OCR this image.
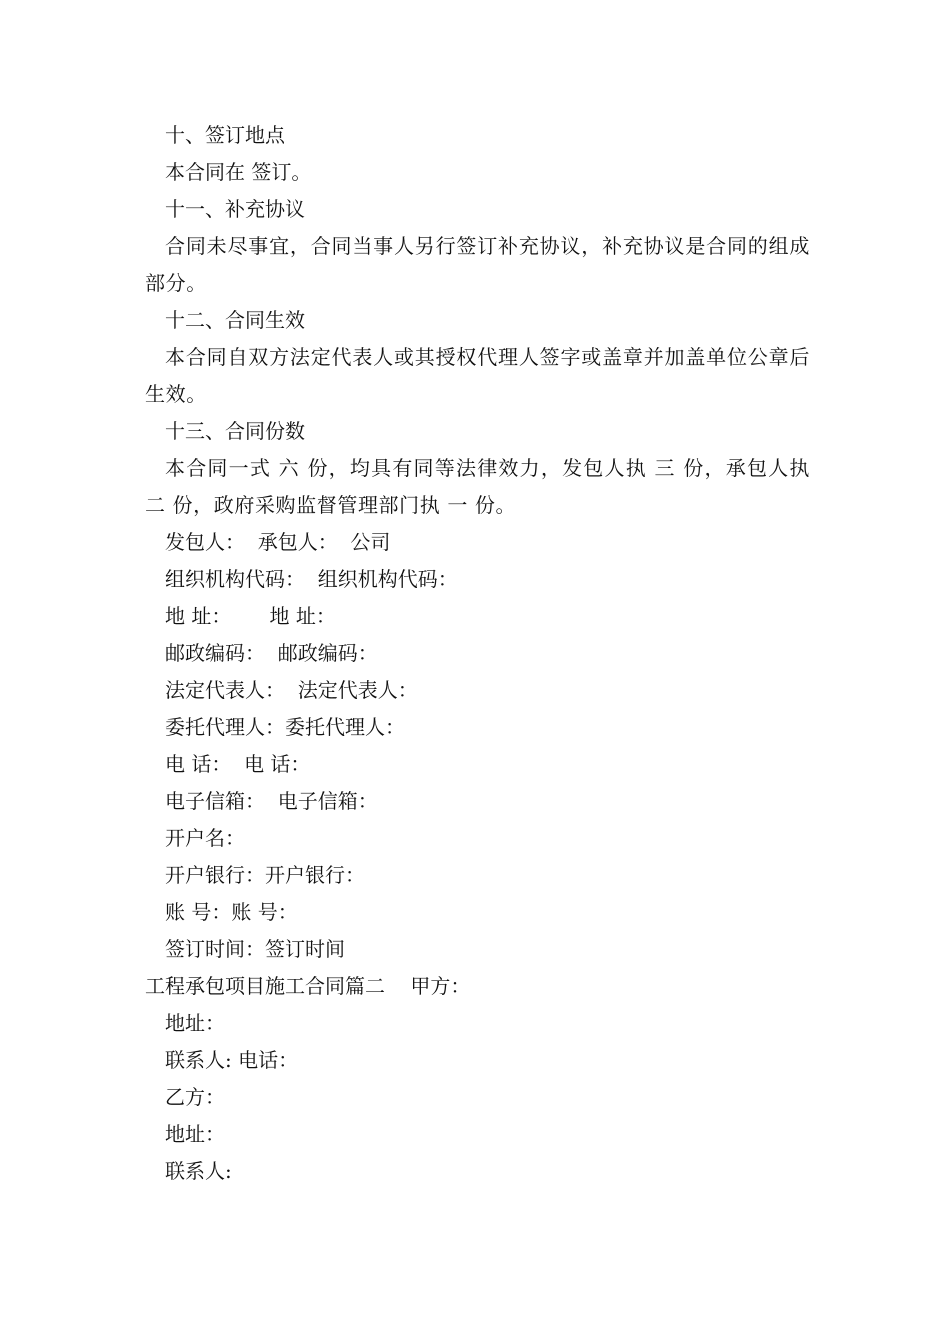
十、签订地点
本合同在 签订。
十一、补充协议

合同未尽事宜，合同当事人另行签订补充协议，补充协议是合同的组成部分。

十二、合同生效

本合同自双方法定代表人或其授权代理人签字或盖章并加盖单位公章后生效。

十三、合同份数

本合同一式 六 份，均具有同等法律效力，发包人执 三 份，承包人执 二 份，政府采购监督管理部门执 一 份。

发包人：  承包人：  公司
组织机构代码：  组织机构代码：
地 址：      地 址：
邮政编码：  邮政编码：
法定代表人：  法定代表人：
委托代理人：委托代理人：
电 话：  电 话：
电子信箱：  电子信箱：
开户名：
开户银行：开户银行：
账 号：账 号：
签订时间：签订时间
工程承包项目施工合同篇二    甲方：
地址：
联系人: 电话：
乙方：
地址：
联系人:
